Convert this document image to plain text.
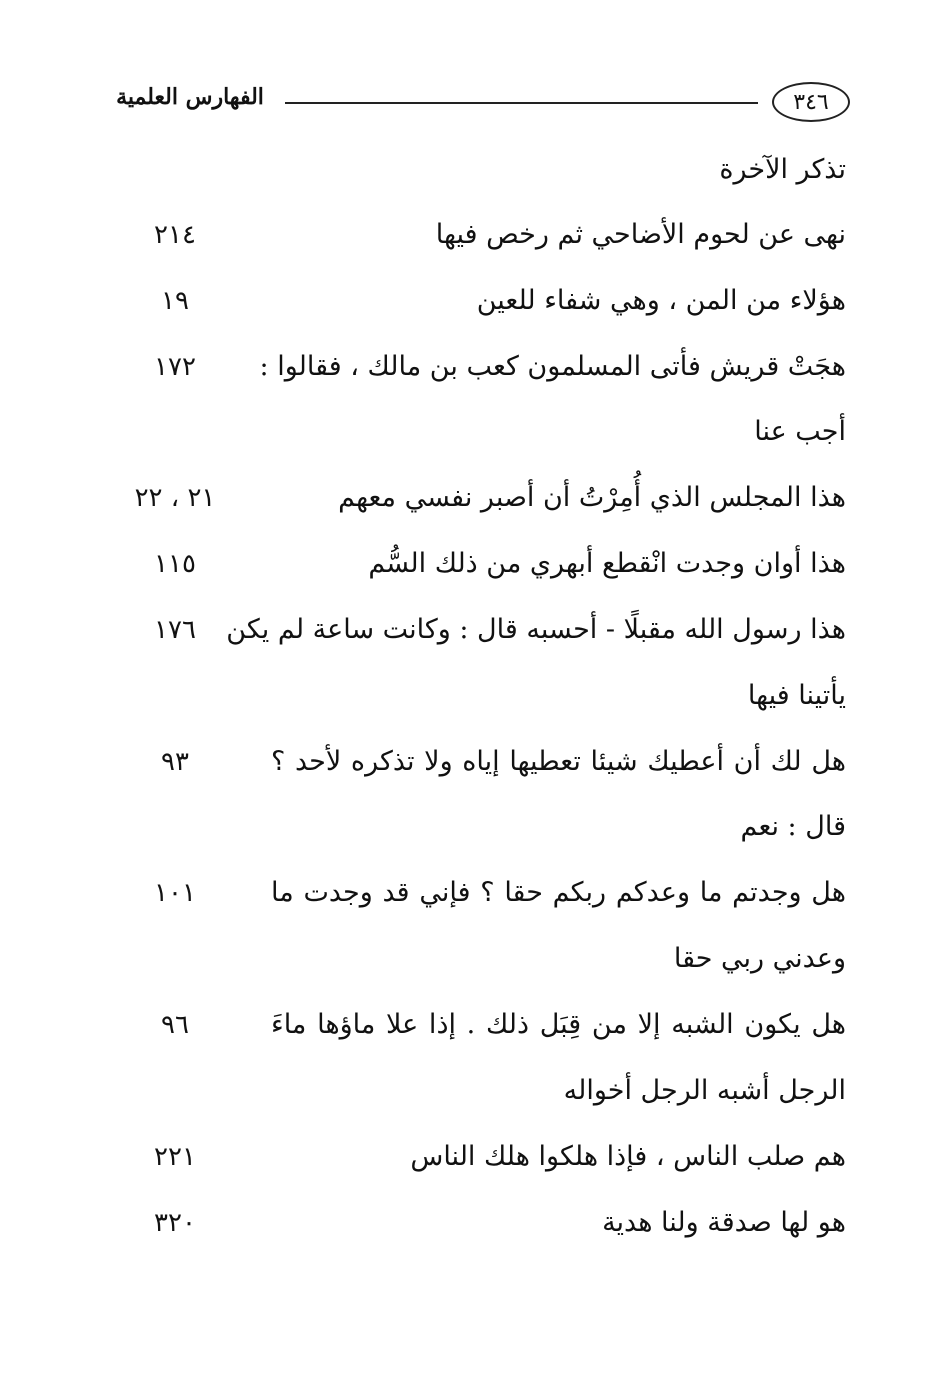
٣٤٦
الفهارس العلمية
تذكر الآخرة
نهى عن لحوم الأضاحي ثم رخص فيها
٢١٤
هؤلاء من المن ، وهي شفاء للعين
١٩
هجَتْ قريش فأتى المسلمون كعب بن مالك ، فقالوا :
١٧٢
أجب عنا
هذا المجلس الذي أُمِرْتُ أن أصبر نفسي معهم
٢١ ، ٢٢
هذا أوان وجدت انْقطع أبهري من ذلك السُّم
١١٥
هذا رسول الله مقبلًا - أحسبه قال : وكانت ساعة لم يكن
١٧٦
يأتينا فيها
هل لك أن أعطيك شيئا تعطيها إياه ولا تذكره لأحد ؟
٩٣
قال : نعم
هل وجدتم ما وعدكم ربكم حقا ؟ فإني قد وجدت ما
١٠١
وعدني ربي حقا
هل يكون الشبه إلا من قِبَل ذلك . إذا علا ماؤها ماءَ
٩٦
الرجل أشبه الرجل أخواله
هم صلب الناس ، فإذا هلكوا هلك الناس
٢٢١
هو لها صدقة ولنا هدية
٣٢٠
